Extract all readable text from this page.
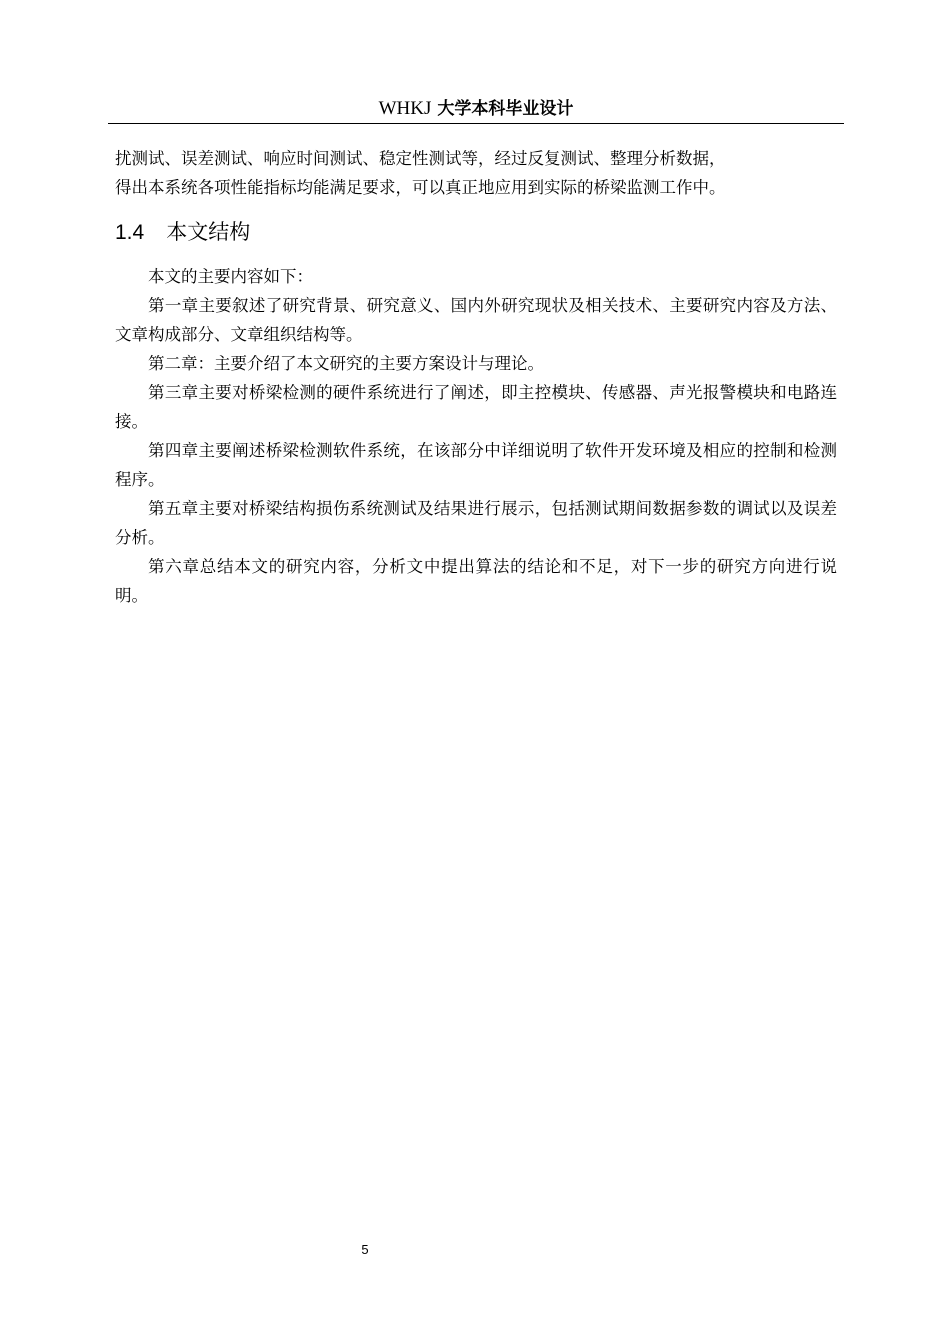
WHKJ 大学本科毕业设计

扰测试、误差测试、响应时间测试、稳定性测试等，经过反复测试、整理分析数据，

得出本系统各项性能指标均能满足要求，可以真正地应用到实际的桥梁监测工作中。

1.4 本文结构

本文的主要内容如下：

第一章主要叙述了研究背景、研究意义、国内外研究现状及相关技术、主要研究内容及方法、文章构成部分、文章组织结构等。

第二章：主要介绍了本文研究的主要方案设计与理论。

第三章主要对桥梁检测的硬件系统进行了阐述，即主控模块、传感器、声光报警模块和电路连接。

第四章主要阐述桥梁检测软件系统，在该部分中详细说明了软件开发环境及相应的控制和检测程序。

第五章主要对桥梁结构损伤系统测试及结果进行展示，包括测试期间数据参数的调试以及误差分析。

第六章总结本文的研究内容，分析文中提出算法的结论和不足，对下一步的研究方向进行说明。

5
